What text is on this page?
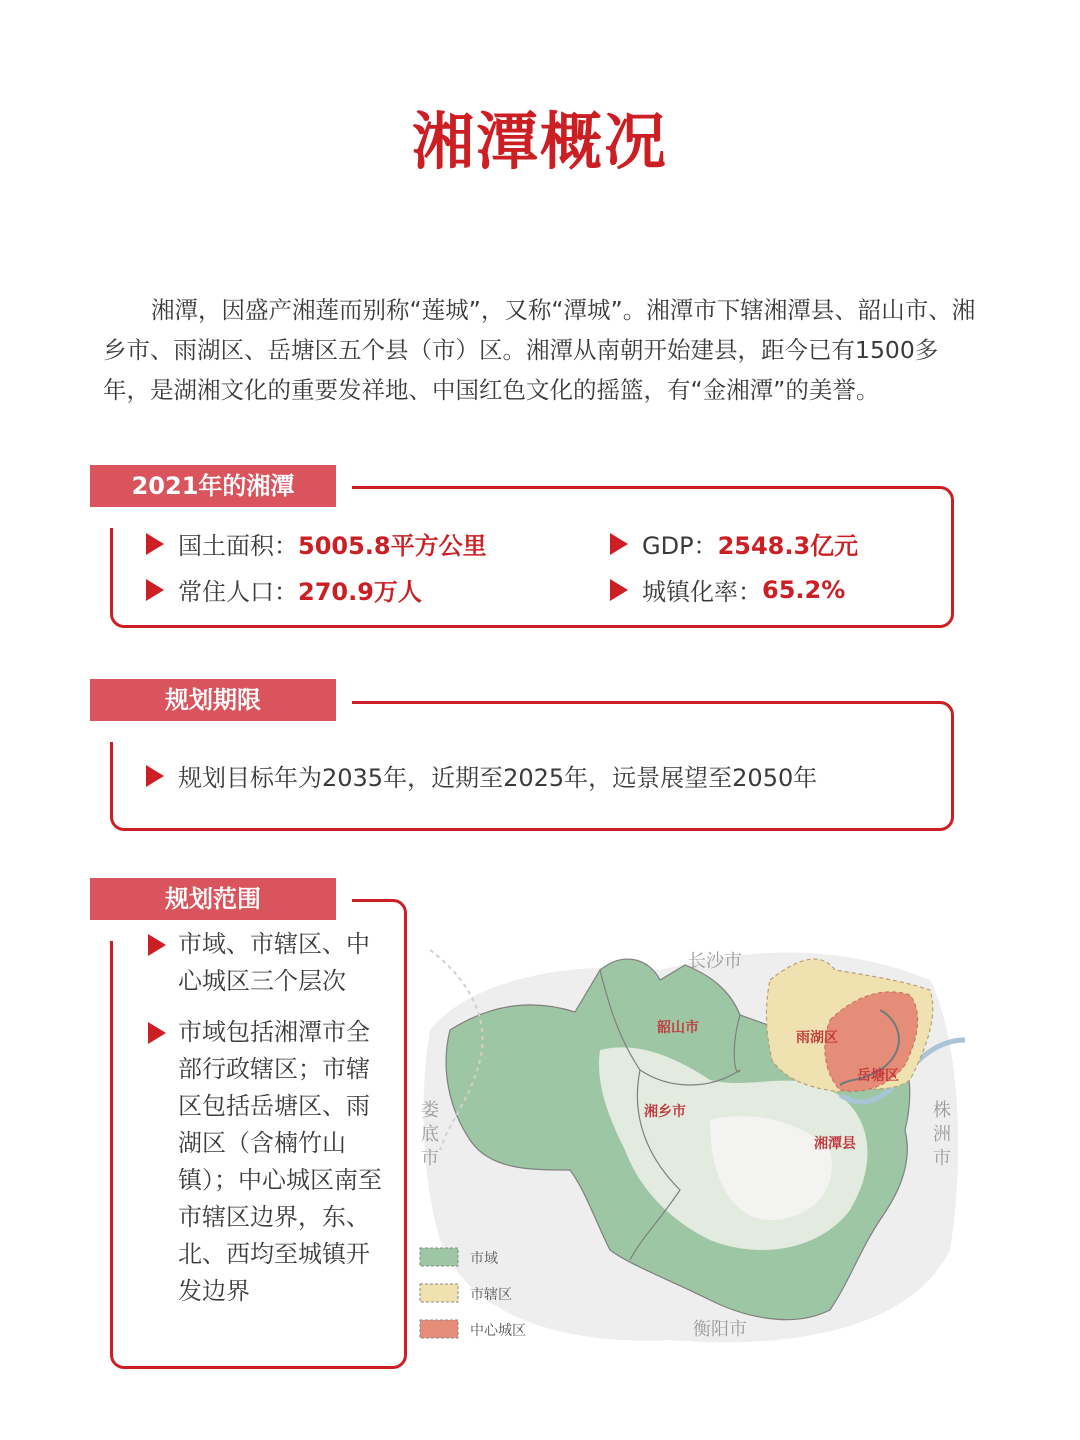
湘潭概况

湘潭，因盛产湘莲而别称“莲城”，又称“潭城”。湘潭市下辖湘潭县、韶山市、湘乡市、雨湖区、岳塘区五个县（市）区。湘潭从南朝开始建县，距今已有1500多年，是湖湘文化的重要发祥地、中国红色文化的摇篮，有“金湘潭”的美誉。

2021年的湘潭
国土面积： 5005.8平方公里	GDP： 2548.3亿元
常住人口： 270.9万人	城镇化率： 65.2%
规划期限
规划目标年为2035年，近期至2025年，远景展望至2050年
规划范围
市域、市辖区、中心城区三个层次
市域包括湘潭市全部行政辖区；市辖区包括岳塘区、雨湖区（含楠竹山镇）；中心城区南至市辖区边界，东、北、西均至城镇开发边界
长沙市
衡阳市
娄
底
市
株
洲
市
韶山市
湘乡市
湘潭县
雨湖区
岳塘区
市域
市辖区
中心城区
